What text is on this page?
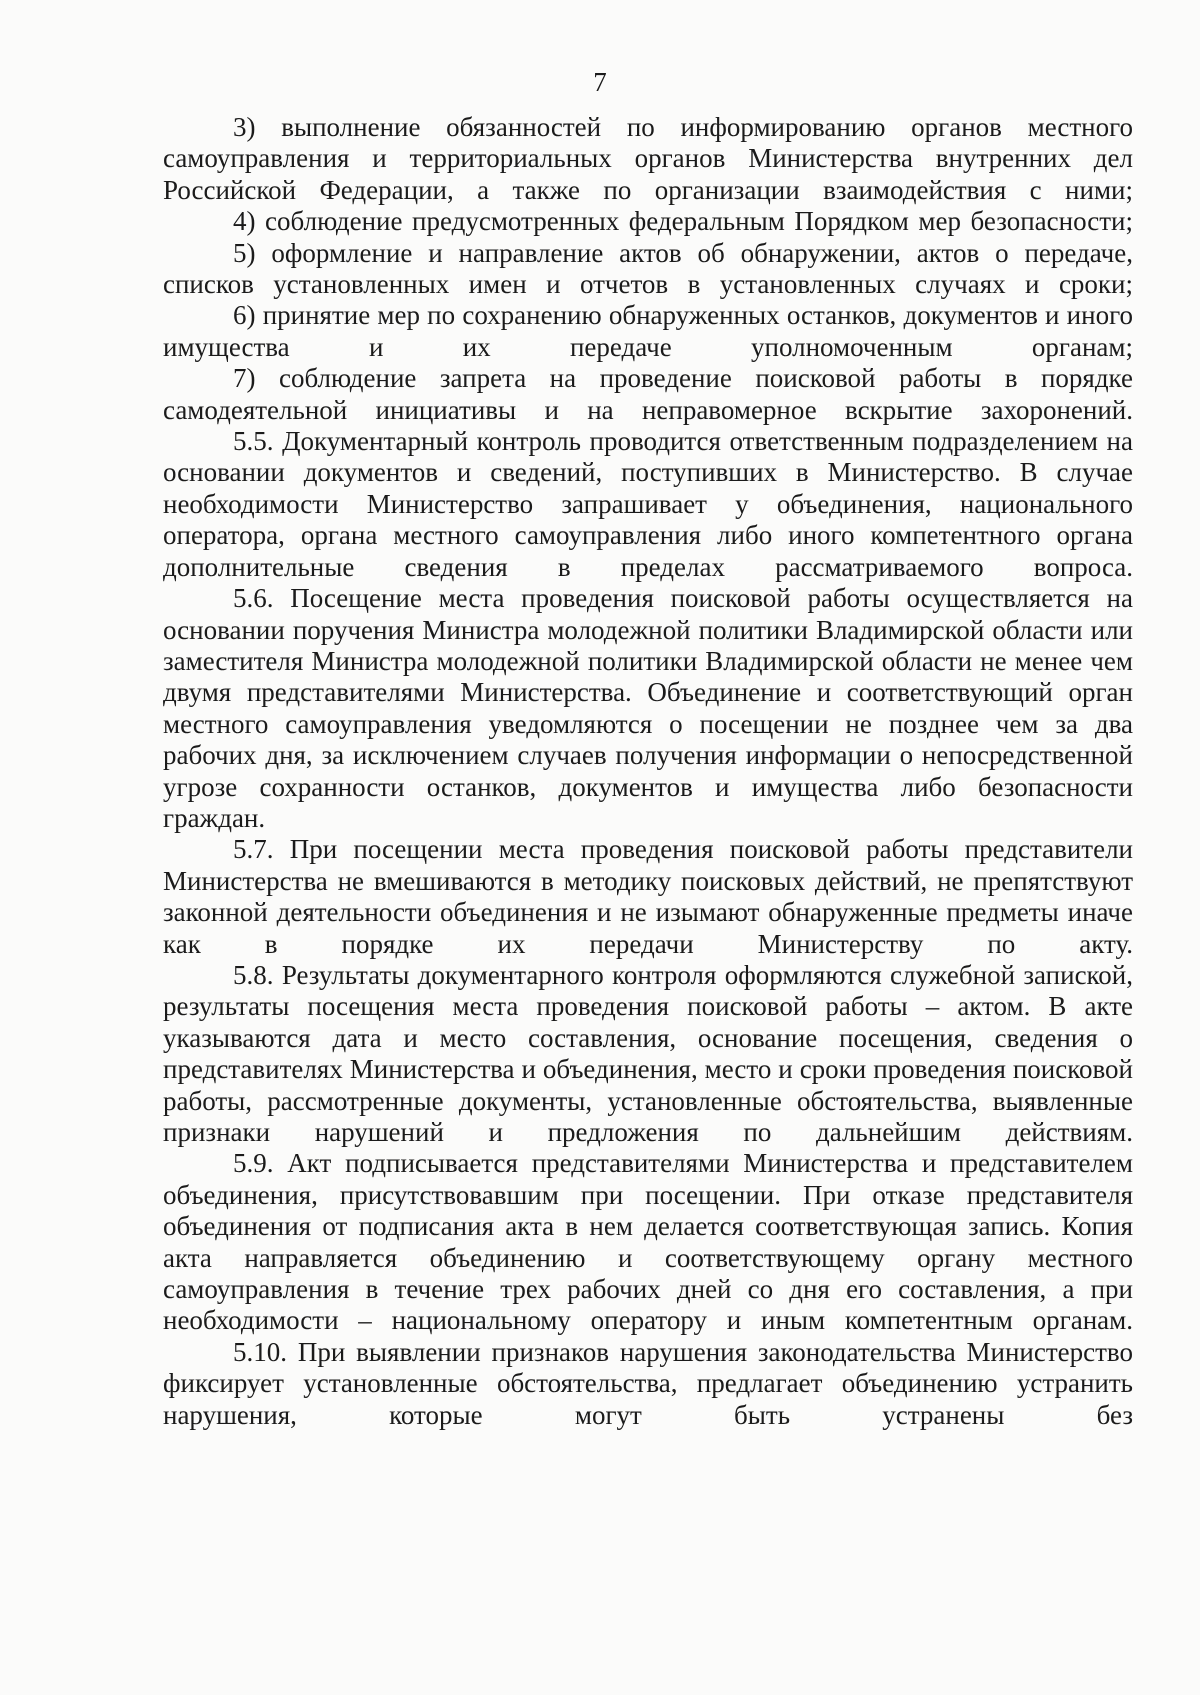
7

3) выполнение обязанностей по информированию органов местного самоуправления и территориальных органов Министерства внутренних дел Российской Федерации, а также по организации взаимодействия с ними;

4) соблюдение предусмотренных федеральным Порядком мер безопасности;

5) оформление и направление актов об обнаружении, актов о передаче, списков установленных имен и отчетов в установленных случаях и сроки;

6) принятие мер по сохранению обнаруженных останков, документов и иного имущества и их передаче уполномоченным органам;

7) соблюдение запрета на проведение поисковой работы в порядке самодеятельной инициативы и на неправомерное вскрытие захоронений.

5.5. Документарный контроль проводится ответственным подразделением на основании документов и сведений, поступивших в Министерство. В случае необходимости Министерство запрашивает у объединения, национального оператора, органа местного самоуправления либо иного компетентного органа дополнительные сведения в пределах рассматриваемого вопроса.

5.6. Посещение места проведения поисковой работы осуществляется на основании поручения Министра молодежной политики Владимирской области или заместителя Министра молодежной политики Владимирской области не менее чем двумя представителями Министерства. Объединение и соответствующий орган местного самоуправления уведомляются о посещении не позднее чем за два рабочих дня, за исключением случаев получения информации о непосредственной угрозе сохранности останков, документов и имущества либо безопасности граждан.

5.7. При посещении места проведения поисковой работы представители Министерства не вмешиваются в методику поисковых действий, не препятствуют законной деятельности объединения и не изымают обнаруженные предметы иначе как в порядке их передачи Министерству по акту.

5.8. Результаты документарного контроля оформляются служебной запиской, результаты посещения места проведения поисковой работы – актом. В акте указываются дата и место составления, основание посещения, сведения о представителях Министерства и объединения, место и сроки проведения поисковой работы, рассмотренные документы, установленные обстоятельства, выявленные признаки нарушений и предложения по дальнейшим действиям.

5.9. Акт подписывается представителями Министерства и представителем объединения, присутствовавшим при посещении. При отказе представителя объединения от подписания акта в нем делается соответствующая запись. Копия акта направляется объединению и соответствующему органу местного самоуправления в течение трех рабочих дней со дня его составления, а при необходимости – национальному оператору и иным компетентным органам.

5.10. При выявлении признаков нарушения законодательства Министерство фиксирует установленные обстоятельства, предлагает объединению устранить нарушения, которые могут быть устранены без
